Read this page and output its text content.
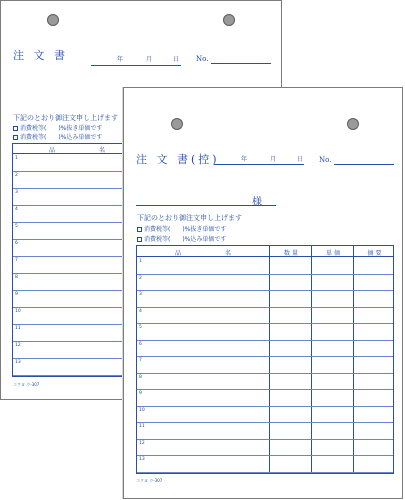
注 文 書	年	月	日 No.
下記のとおり御注文申し上げます
消費税等(　　)%抜き単価です
消費税等(　　)%込み単価です
品	名
1
2
3
4
5
6
7
8
9
10
11
12
13
コクヨ ウ-307
注 文 書(控)	年	月	日 No.
様
下記のとおり御注文申し上げます
消費税等(　　)%抜き単価です
消費税等(　　)%込み単価です
品	名	数 量	単 価	摘 要
1
2
3
4
5
6
7
8
9
10
11
12
13
コクヨ ウ-307
